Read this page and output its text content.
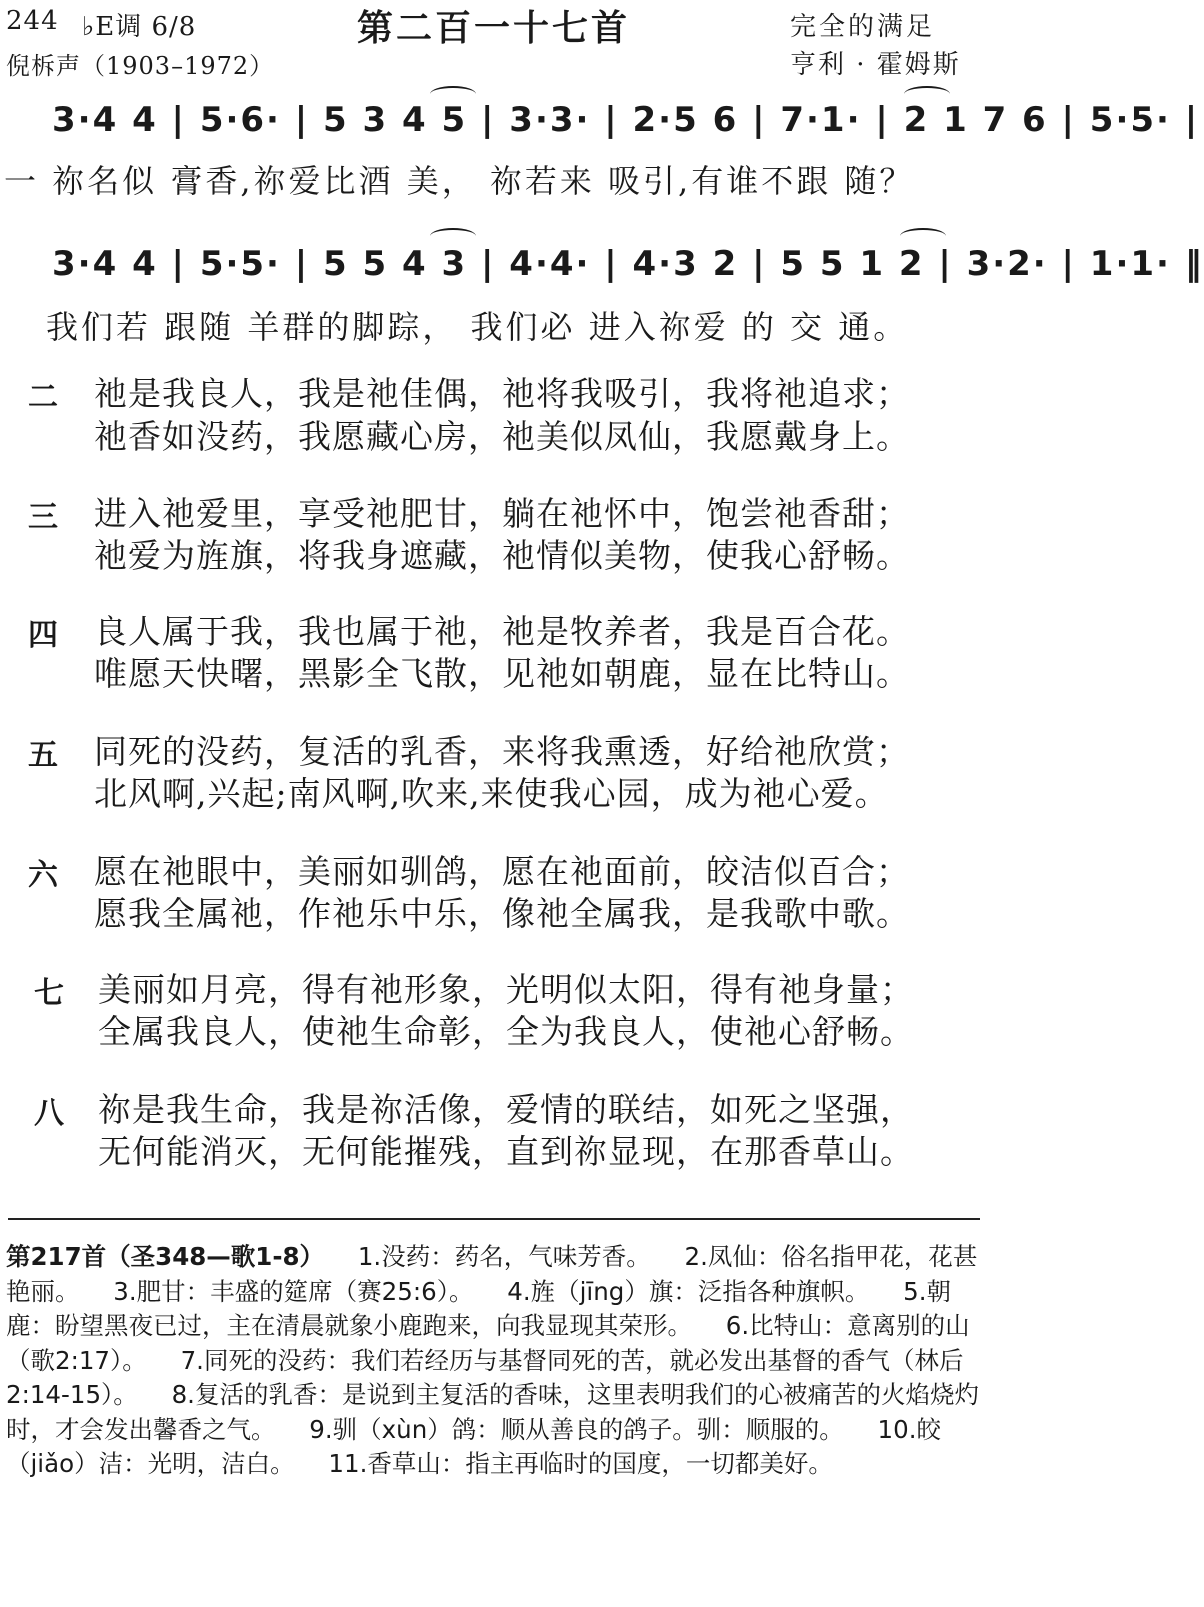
244 ♭E调 6/8	第二百一十七首	完全的满足
倪柝声（1903–1972）	亨利 · 霍姆斯
3·4 4 | 5·6· | 5 3 4 5 | 3·3· | 2·5 6 | 7·1· | 2 1 7 6 | 5·5· |
一 祢名似 膏香,祢爱比酒 美， 祢若来 吸引,有谁不跟 随？
3·4 4 | 5·5· | 5 5 4 3 | 4·4· | 4·3 2 | 5 5 1 2 | 3·2· | 1·1· ‖
我们若 跟随 羊群的脚踪， 我们必 进入祢爱 的 交 通。
二 祂是我良人，我是祂佳偶，祂将我吸引，我将祂追求；
祂香如没药，我愿藏心房，祂美似凤仙，我愿戴身上。
三 进入祂爱里，享受祂肥甘，躺在祂怀中，饱尝祂香甜；
祂爱为旌旗，将我身遮藏，祂情似美物，使我心舒畅。
四 良人属于我，我也属于祂，祂是牧养者，我是百合花。
唯愿天快曙，黑影全飞散，见祂如朝鹿，显在比特山。
五 同死的没药，复活的乳香，来将我熏透，好给祂欣赏；
北风啊,兴起;南风啊,吹来,来使我心园，成为祂心爱。
六 愿在祂眼中，美丽如驯鸽，愿在祂面前，皎洁似百合；
愿我全属祂，作祂乐中乐，像祂全属我，是我歌中歌。
七 美丽如月亮，得有祂形象，光明似太阳，得有祂身量；
全属我良人，使祂生命彰，全为我良人，使祂心舒畅。
八 祢是我生命，我是祢活像，爱情的联结，如死之坚强，
无何能消灭，无何能摧残，直到祢显现，在那香草山。
第217首（圣348—歌1-8） 1.没药：药名，气味芳香。 2.凤仙：俗名指甲花，花甚艳丽。 3.肥甘：丰盛的筵席（赛25:6）。 4.旌（jīng）旗：泛指各种旗帜。 5.朝鹿：盼望黑夜已过，主在清晨就象小鹿跑来，向我显现其荣形。 6.比特山：意离别的山（歌2:17）。 7.同死的没药：我们若经历与基督同死的苦，就必发出基督的香气（林后2:14-15）。 8.复活的乳香：是说到主复活的香味，这里表明我们的心被痛苦的火焰烧灼时，才会发出馨香之气。 9.驯（xùn）鸽：顺从善良的鸽子。驯：顺服的。 10.皎（jiǎo）洁：光明，洁白。 11.香草山：指主再临时的国度，一切都美好。
